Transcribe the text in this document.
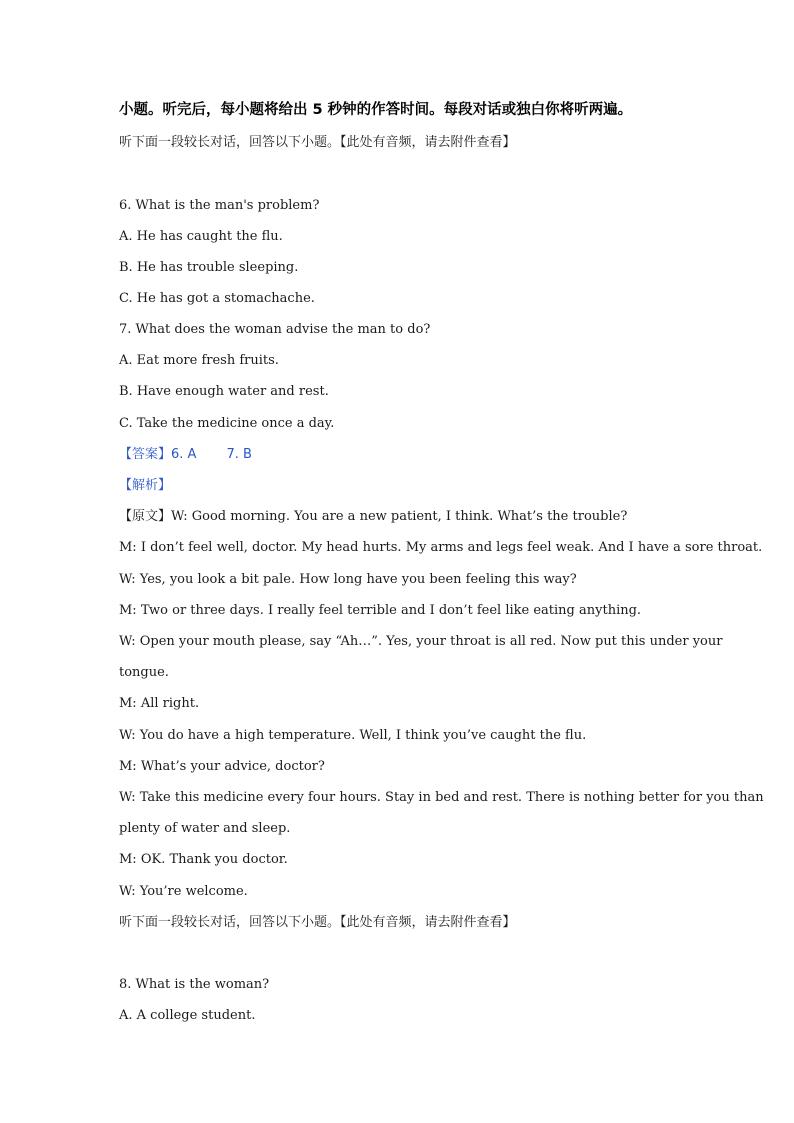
小题。听完后，每小题将给出 5 秒钟的作答时间。每段对话或独白你将听两遍。
听下面一段较长对话，回答以下小题。【此处有音频，请去附件查看】
6. What is the man's problem?
A. He has caught the flu.
B. He has trouble sleeping.
C. He has got a stomachache.
7. What does the woman advise the man to do?
A. Eat more fresh fruits.
B. Have enough water and rest.
C. Take the medicine once a day.
【答案】6. A 7. B
【解析】
【原文】W: Good morning. You are a new patient, I think. What’s the trouble?
M: I don’t feel well, doctor. My head hurts. My arms and legs feel weak. And I have a sore throat.
W: Yes, you look a bit pale. How long have you been feeling this way?
M: Two or three days. I really feel terrible and I don’t feel like eating anything.
W: Open your mouth please, say “Ah…”. Yes, your throat is all red. Now put this under your
tongue.
M: All right.
W: You do have a high temperature. Well, I think you’ve caught the flu.
M: What’s your advice, doctor?
W: Take this medicine every four hours. Stay in bed and rest. There is nothing better for you than
plenty of water and sleep.
M: OK. Thank you doctor.
W: You’re welcome.
听下面一段较长对话，回答以下小题。【此处有音频，请去附件查看】
8. What is the woman?
A. A college student.
